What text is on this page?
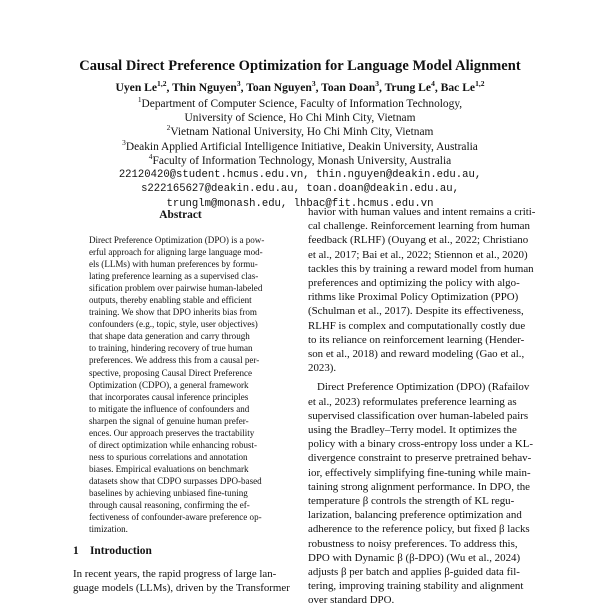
Causal Direct Preference Optimization for Language Model Alignment
Uyen Le$^{1,2}$, Thin Nguyen$^3$, Toan Nguyen$^3$, Toan Doan$^3$, Trung Le$^4$, Bac Le$^{1,2}$
$^1$Department of Computer Science, Faculty of Information Technology,
University of Science, Ho Chi Minh City, Vietnam
$^2$Vietnam National University, Ho Chi Minh City, Vietnam
$^3$Deakin Applied Artificial Intelligence Initiative, Deakin University, Australia
$^4$Faculty of Information Technology, Monash University, Australia
22120420@student.hcmus.edu.vn, thin.nguyen@deakin.edu.au,
s222165627@deakin.edu.au, toan.doan@deakin.edu.au,
trunglm@monash.edu, lhbac@fit.hcmus.edu.vn
Abstract
Direct Preference Optimization (DPO) is a pow-
erful approach for aligning large language mod-
els (LLMs) with human preferences by formu-
lating preference learning as a supervised clas-
sification problem over pairwise human-labeled
outputs, thereby enabling stable and efficient
training. We show that DPO inherits bias from
confounders (e.g., topic, style, user objectives)
that shape data generation and carry through
to training, hindering recovery of true human
preferences. We address this from a causal per-
spective, proposing Causal Direct Preference
Optimization (CDPO), a general framework
that incorporates causal inference principles
to mitigate the influence of confounders and
sharpen the signal of genuine human prefer-
ences. Our approach preserves the tractability
of direct optimization while enhancing robust-
ness to spurious correlations and annotation
biases. Empirical evaluations on benchmark
datasets show that CDPO surpasses DPO-based
baselines by achieving unbiased fine-tuning
through causal reasoning, confirming the ef-
fectiveness of confounder-aware preference op-
timization.
1 Introduction
In recent years, the rapid progress of large lan-
guage models (LLMs), driven by the Transformer
havior with human values and intent remains a criti-
cal challenge. Reinforcement learning from human
feedback (RLHF) (Ouyang et al., 2022; Christiano
et al., 2017; Bai et al., 2022; Stiennon et al., 2020)
tackles this by training a reward model from human
preferences and optimizing the policy with algo-
rithms like Proximal Policy Optimization (PPO)
(Schulman et al., 2017). Despite its effectiveness,
RLHF is complex and computationally costly due
to its reliance on reinforcement learning (Hender-
son et al., 2018) and reward modeling (Gao et al.,
2023).
Direct Preference Optimization (DPO) (Rafailov
et al., 2023) reformulates preference learning as
supervised classification over human-labeled pairs
using the Bradley–Terry model. It optimizes the
policy with a binary cross-entropy loss under a KL-
divergence constraint to preserve pretrained behav-
ior, effectively simplifying fine-tuning while main-
taining strong alignment performance. In DPO, the
temperature β controls the strength of KL regu-
larization, balancing preference optimization and
adherence to the reference policy, but fixed β lacks
robustness to noisy preferences. To address this,
DPO with Dynamic β (β-DPO) (Wu et al., 2024)
adjusts β per batch and applies β-guided data fil-
tering, improving training stability and alignment
over standard DPO.
